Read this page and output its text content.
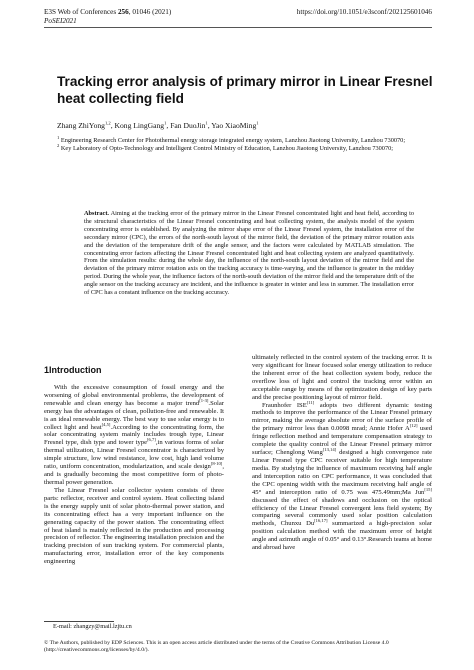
E3S Web of Conferences 256, 01046 (2021)
PoSEI2021
https://doi.org/10.1051/e3sconf/202125601046
Tracking error analysis of primary mirror in Linear Fresnel heat collecting field
Zhang ZhiYong$^{1,2}$, Kong LingGang$^1$, Fan DuoJin$^1$, Yao XiaoMing$^1$

$^1$ Engineering Research Center for Photothermal energy storage integrated energy system, Lanzhou Jiaotong University, Lanzhou 730070;

$^2$ Key Laboratory of Opto-Technology and Intelligent Control Ministry of Education, Lanzhou Jiaotong University, Lanzhou 730070;

Abstract. Aiming at the tracking error of the primary mirror in the Linear Fresnel concentrated light and heat field, according to the structural characteristics of the Linear Fresnel concentrating and heat collecting system, the analysis model of the system concentrating error is established. By analyzing the mirror shape error of the Linear Fresnel system, the installation error of the secondary mirror (CPC), the errors of the north-south layout of the mirror field, the deviation of the primary mirror rotation axis and the deviation of the temperature drift of the angle sensor, and the factors were calculated by MATLAB simulation. The concentrating error factors affecting the Linear Fresnel concentrated light and heat collecting system are analyzed quantitatively. From the simulation results: during the whole day, the influence of the north-south layout deviation of the mirror field and the deviation of the primary mirror rotation axis on the tracking accuracy is time-varying, and the influence is greater in the midday period. During the whole year, the influence factors of the north-south deviation of the mirror field and the temperature drift of the angle sensor on the tracking accuracy are incident, and the influence is greater in winter and less in summer. The installation error of CPC has a constant influence on the tracking accuracy.

1Introduction

With the excessive consumption of fossil energy and the worsening of global environmental problems, the development of renewable and clean energy has become a major trend[1-3].Solar energy has the advantages of clean, pollution-free and renewable. It is an ideal renewable energy. The best way to use solar energy is to collect light and heat[4,5].According to the concentrating form, the solar concentrating system mainly includes trough type, Linear Fresnel type, dish type and tower type[6,7],in various forms of solar thermal utilization, Linear Fresnel concentrator is characterized by simple structure, low wind resistance, low cost, high land volume ratio, uniform concentration, modularization, and scale design[8-10], and is gradually becoming the most competitive form of photo-thermal power generation.

The Linear Fresnel solar collector system consists of three parts: reflector, receiver and control system. Heat collecting island is the energy supply unit of solar photo-thermal power station, and its concentrating effect has a very important influence on the generating capacity of the power station. The concentrating effect of heat island is mainly reflected in the production and processing precision of reflector. The engineering installation precision and the tracking precision of sun tracking system. For commercial plants, manufacturing error, installation error of the key components engineering

ultimately reflected in the control system of the tracking error. It is very significant for linear focused solar energy utilization to reduce the inherent error of the heat collection system body, reduce the overflow loss of light and control the tracking error within an acceptable range by means of the optimization design of key parts and the precise positioning layout of mirror field.

Fraunhofer ISE[11] adopts two different dynamic testing methods to improve the performance of the Linear Fresnel primary mirror, making the average absolute error of the surface profile of the primary mirror less than 0.0098 mrad; Annie Hofer A[12] used fringe reflection method and temperature compensation strategy to complete the quality control of the Linear Fresnel primary mirror surface; Chenglong Wang[13,14] designed a high convergence rate Linear Fresnel type CPC receiver suitable for high temperature media. By studying the influence of maximum receiving half angle and interception ratio on CPC performance, it was concluded that the CPC opening width with the maximum receiving half angle of 45° and interception ratio of 0.75 was 475.49mm;Ma Jun[15] discussed the effect of shadows and occlusion on the optical efficiency of the Linear Fresnel convergent lens field system; By comparing several commonly used solar position calculation methods, Chunxu Du[16,17] summarized a high-precision solar position calculation method with the maximum error of height angle and azimuth angle of 0.05° and 0.13°.Research teams at home and abroad have

E-mail: zhangzy@mail.lzjtu.cn

© The Authors, published by EDP Sciences. This is an open access article distributed under the terms of the Creative Commons Attribution License 4.0 (http://creativecommons.org/licenses/by/4.0/).
